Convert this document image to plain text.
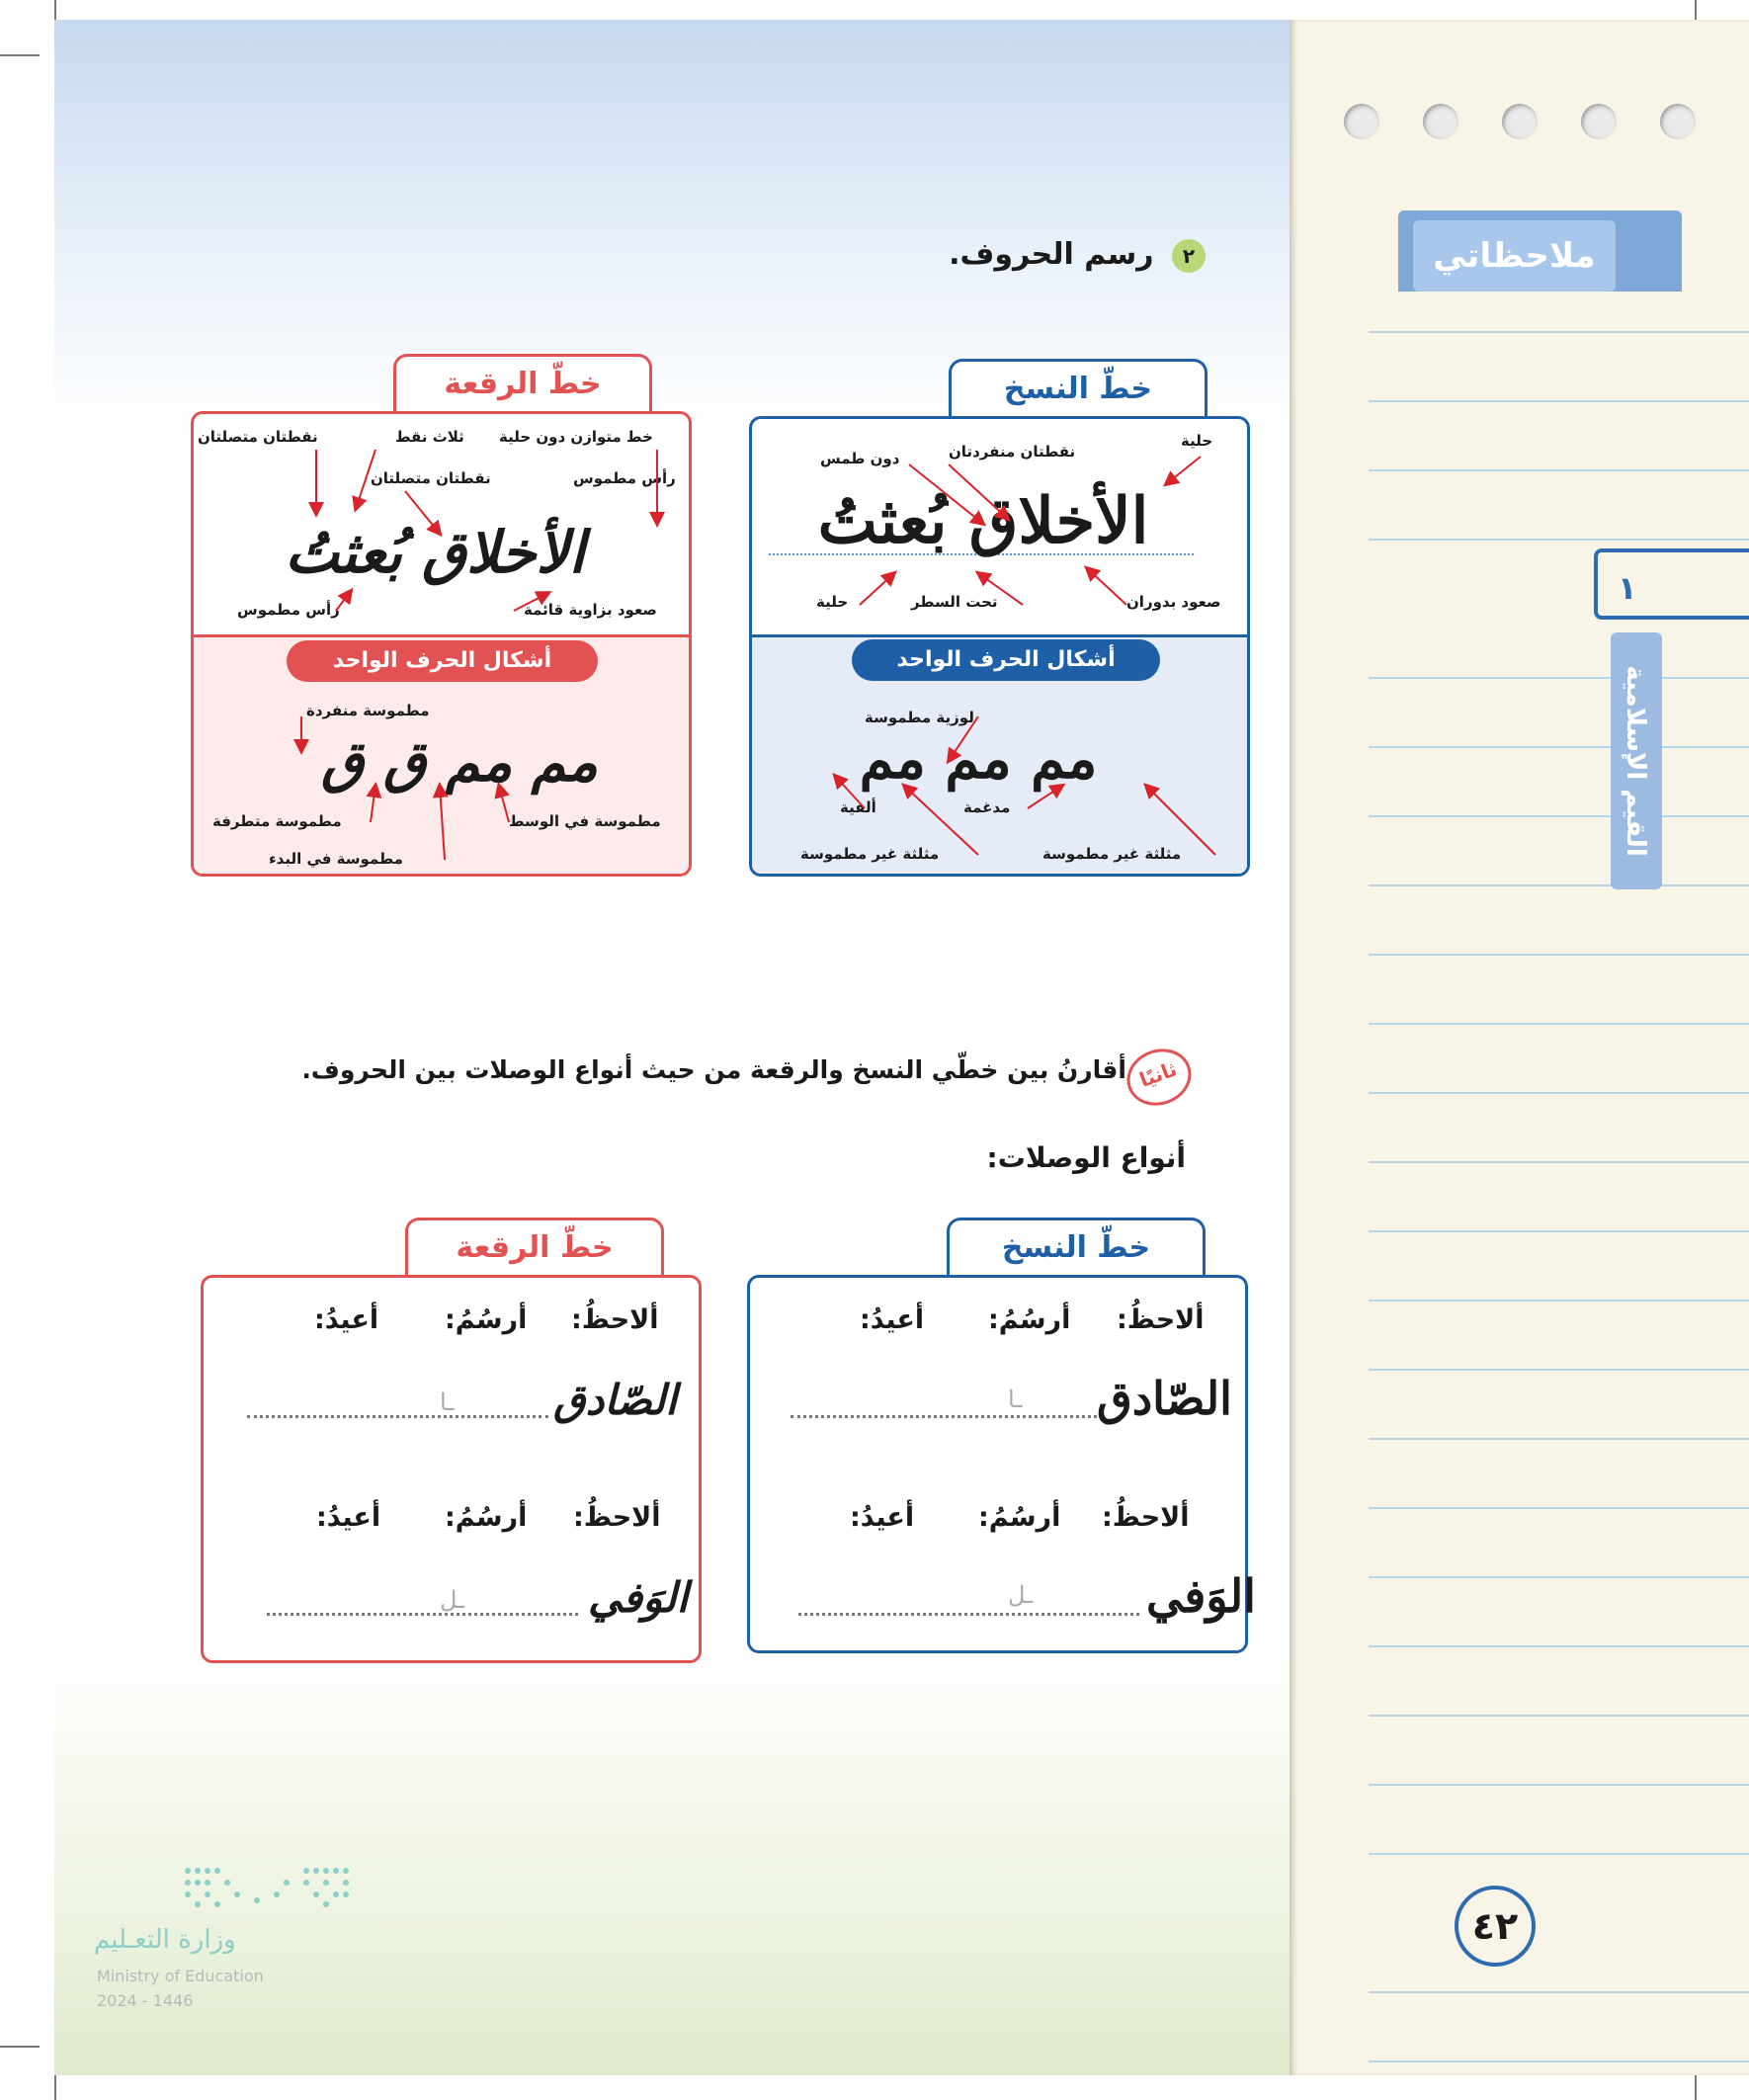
ملاحظاتي
١
القيم الإسلامية
٤٢
٢ رسم الحروف.
خطّ النسخ
الأخلاق بُعثتُ
حلية
نقطتان منفردتان
دون طمس
صعود بدوران
تحت السطر
حلية
أشكال الحرف الواحد
مم مم مم
لوزية مطموسة
مدغمة
ألفية
مثلثة غير مطموسة
مثلثة غير مطموسة
خطّ الرقعة
الأخلاق بُعثتُ
خط متوازن دون حلية
ثلاث نقط
نقطتان متصلتان
رأس مطموس
نقطتان متصلتان
صعود بزاوية قائمة
رأس مطموس
أشكال الحرف الواحد
مطموسة منفردة
مم مم ق ق
مطموسة في الوسط
مطموسة متطرفة
مطموسة في البدء
ثانيًا
أقارنُ بين خطّي النسخ والرقعة من حيث أنواع الوصلات بين الحروف.
أنواع الوصلات:
خطّ النسخ
ألاحظُ:
أرسُمُ:
أعيدُ:
الصّادق
ـا
ألاحظُ:
أرسُمُ:
أعيدُ:
الوَفي
ـل
خطّ الرقعة
ألاحظُ:
أرسُمُ:
أعيدُ:
الصّادق
ـا
ألاحظُ:
أرسُمُ:
أعيدُ:
الوَفي
ـل
وزارة التعـليم
Ministry of Education
2024 - 1446
